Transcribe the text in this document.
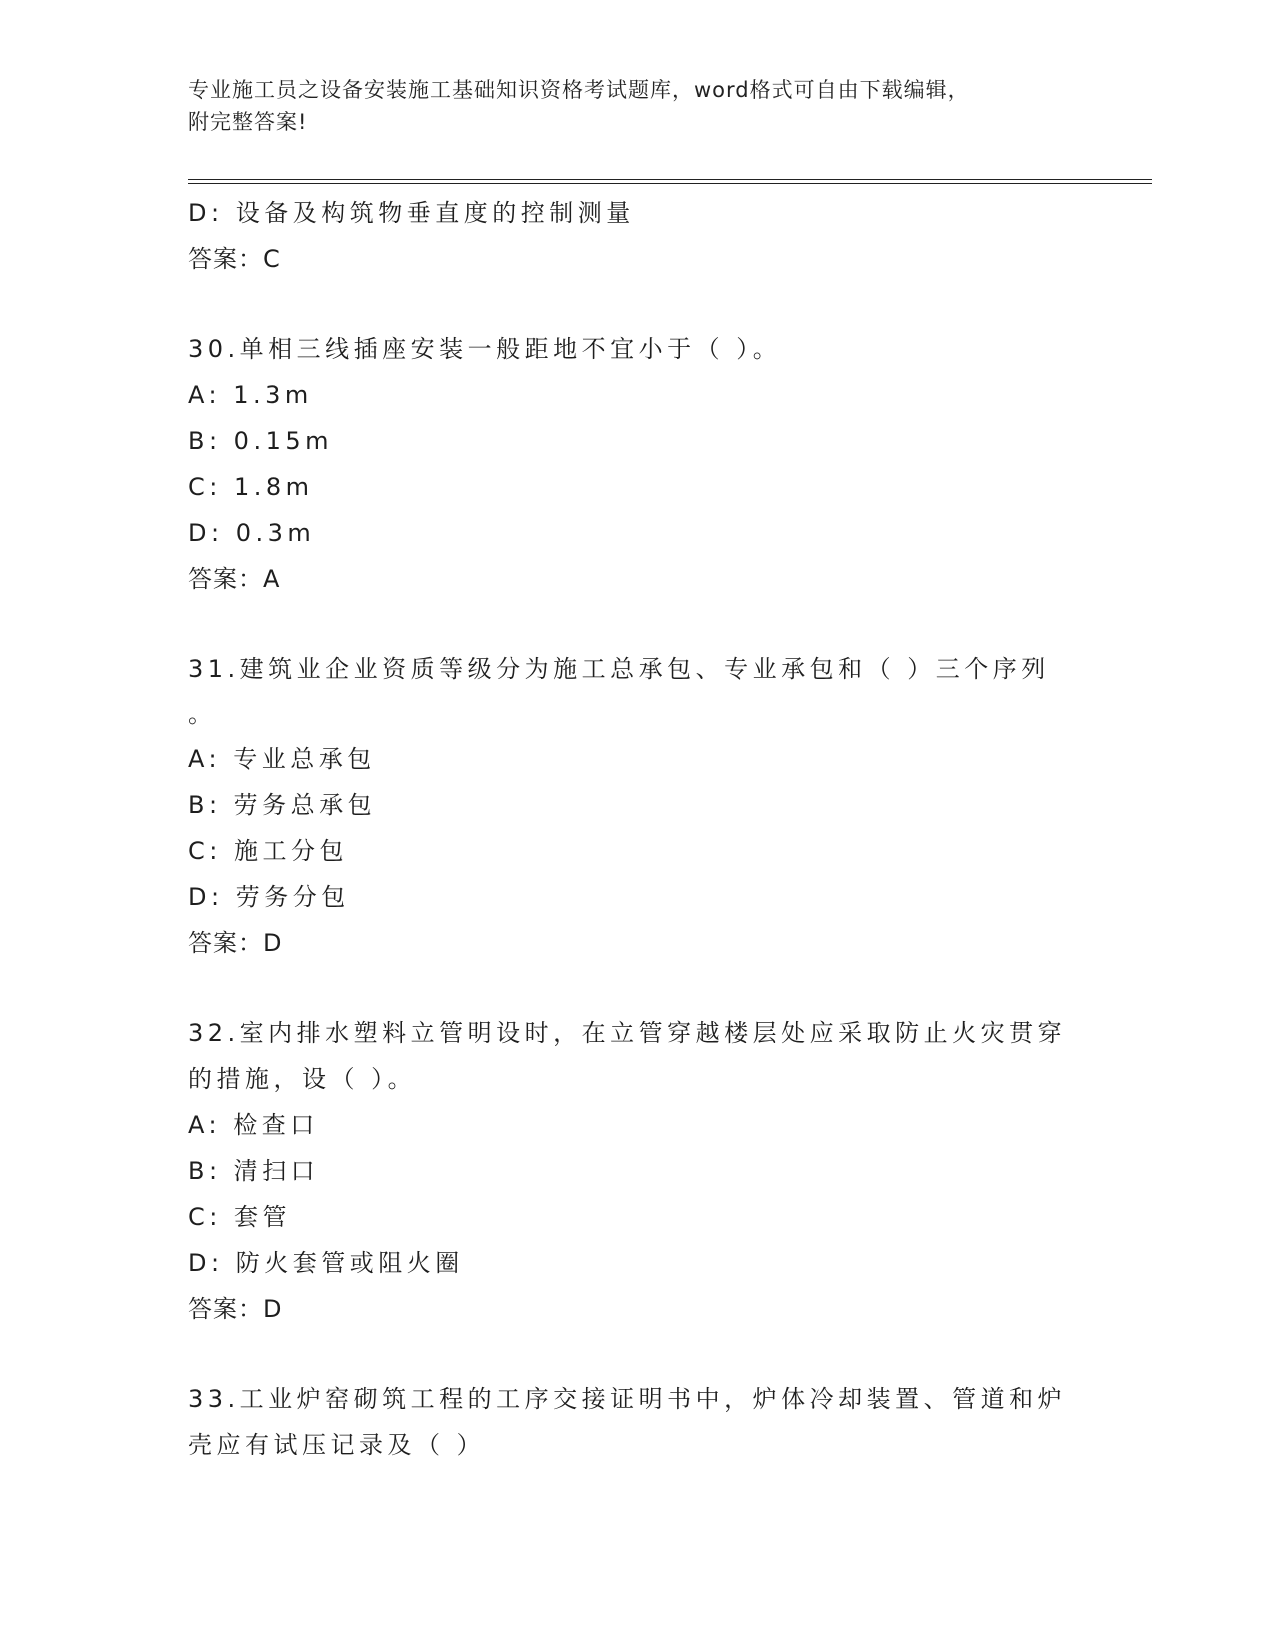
专业施工员之设备安装施工基础知识资格考试题库，word格式可自由下载编辑，
附完整答案!
D: 设备及构筑物垂直度的控制测量
答案：C
30.单相三线插座安装一般距地不宜小于（ ）。
A: 1.3m
B: 0.15m
C: 1.8m
D: 0.3m
答案：A
31.建筑业企业资质等级分为施工总承包、专业承包和（ ）三个序列
。
A: 专业总承包
B: 劳务总承包
C: 施工分包
D: 劳务分包
答案：D
32.室内排水塑料立管明设时，在立管穿越楼层处应采取防止火灾贯穿
的措施，设（ ）。
A: 检查口
B: 清扫口
C: 套管
D: 防火套管或阻火圈
答案：D
33.工业炉窑砌筑工程的工序交接证明书中，炉体冷却装置、管道和炉
壳应有试压记录及（ ）
